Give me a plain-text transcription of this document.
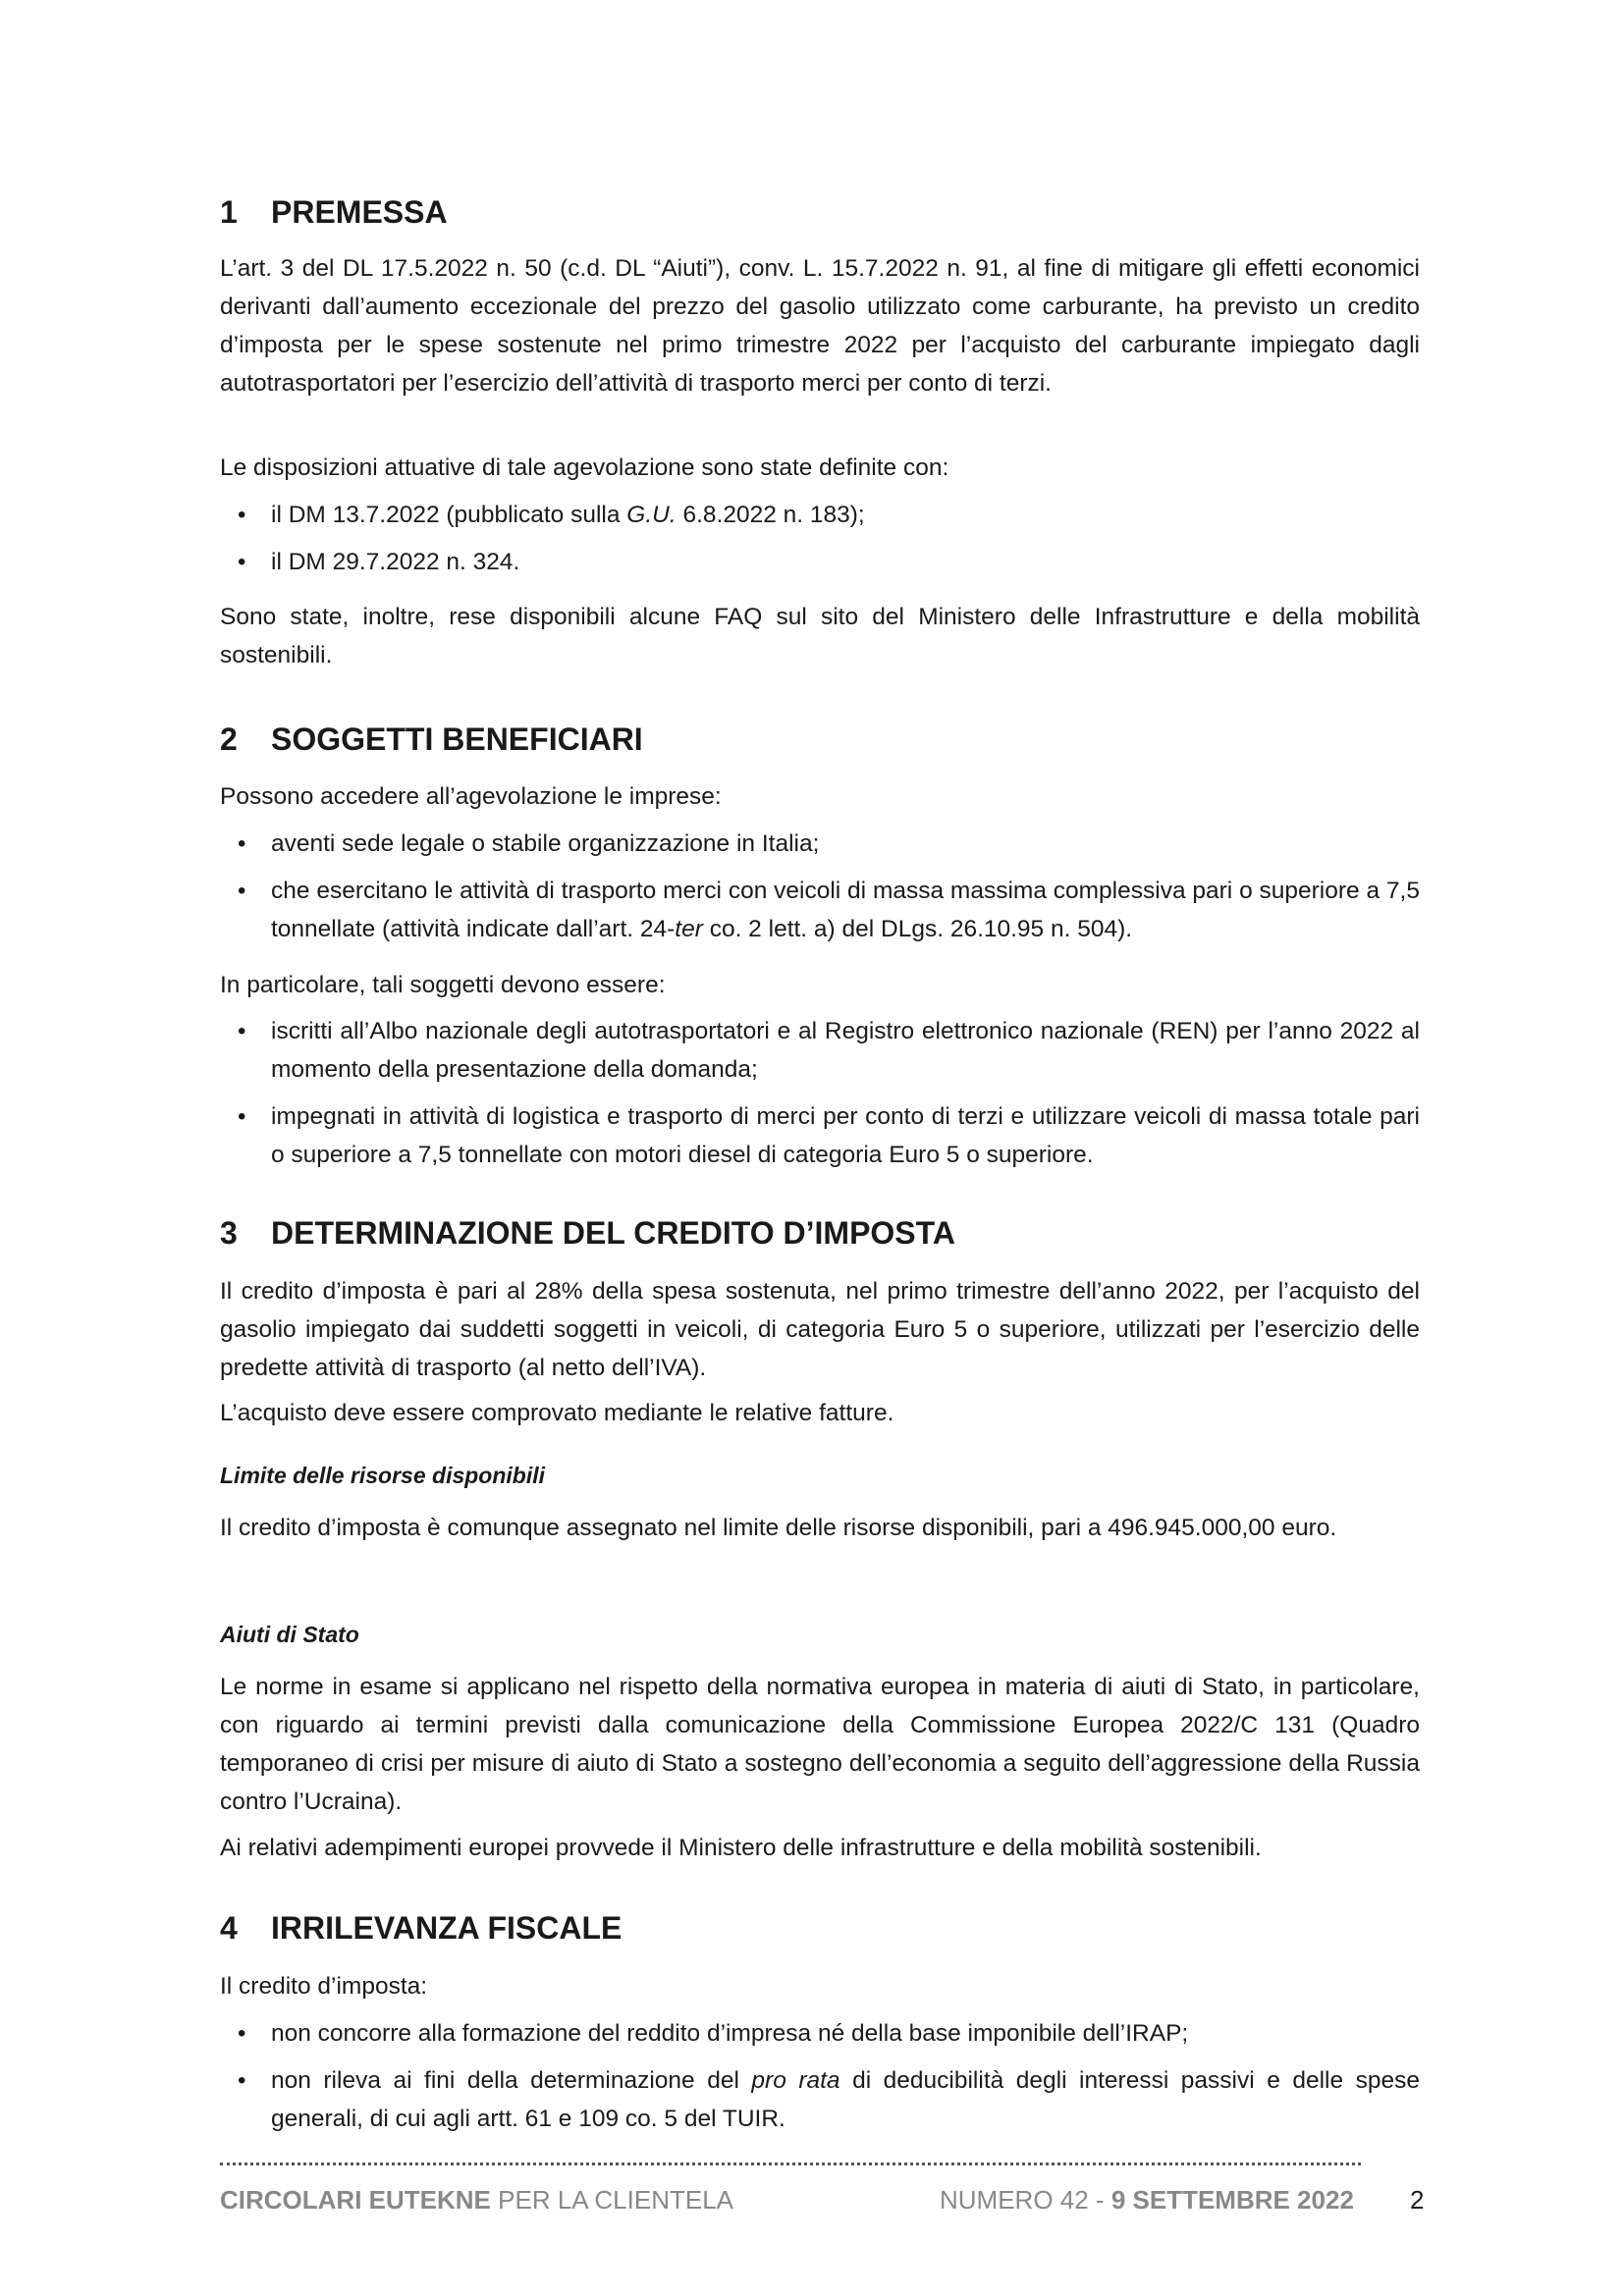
1 PREMESSA

L’art. 3 del DL 17.5.2022 n. 50 (c.d. DL “Aiuti”), conv. L. 15.7.2022 n. 91, al fine di mitigare gli effetti economici derivanti dall’aumento eccezionale del prezzo del gasolio utilizzato come carburante, ha previsto un credito d’imposta per le spese sostenute nel primo trimestre 2022 per l’acquisto del carburante impiegato dagli autotrasportatori per l’esercizio dell’attività di trasporto merci per conto di terzi.

Le disposizioni attuative di tale agevolazione sono state definite con:

• il DM 13.7.2022 (pubblicato sulla G.U. 6.8.2022 n. 183);
• il DM 29.7.2022 n. 324.

Sono state, inoltre, rese disponibili alcune FAQ sul sito del Ministero delle Infrastrutture e della mobilità sostenibili.

2 SOGGETTI BENEFICIARI

Possono accedere all’agevolazione le imprese:

• aventi sede legale o stabile organizzazione in Italia;
• che esercitano le attività di trasporto merci con veicoli di massa massima complessiva pari o superiore a 7,5 tonnellate (attività indicate dall’art. 24-ter co. 2 lett. a) del DLgs. 26.10.95 n. 504).

In particolare, tali soggetti devono essere:

• iscritti all’Albo nazionale degli autotrasportatori e al Registro elettronico nazionale (REN) per l’anno 2022 al momento della presentazione della domanda;
• impegnati in attività di logistica e trasporto di merci per conto di terzi e utilizzare veicoli di massa totale pari o superiore a 7,5 tonnellate con motori diesel di categoria Euro 5 o superiore.
3 DETERMINAZIONE DEL CREDITO D’IMPOSTA

Il credito d’imposta è pari al 28% della spesa sostenuta, nel primo trimestre dell’anno 2022, per l’acquisto del gasolio impiegato dai suddetti soggetti in veicoli, di categoria Euro 5 o superiore, utilizzati per l’esercizio delle predette attività di trasporto (al netto dell’IVA).

L’acquisto deve essere comprovato mediante le relative fatture.

Limite delle risorse disponibili

Il credito d’imposta è comunque assegnato nel limite delle risorse disponibili, pari a 496.945.000,00 euro.

Aiuti di Stato

Le norme in esame si applicano nel rispetto della normativa europea in materia di aiuti di Stato, in particolare, con riguardo ai termini previsti dalla comunicazione della Commissione Europea 2022/C 131 (Quadro temporaneo di crisi per misure di aiuto di Stato a sostegno dell’economia a seguito dell’aggressione della Russia contro l’Ucraina).

Ai relativi adempimenti europei provvede il Ministero delle infrastrutture e della mobilità sostenibili.

4 IRRILEVANZA FISCALE

Il credito d’imposta:

• non concorre alla formazione del reddito d’impresa né della base imponibile dell’IRAP;
• non rileva ai fini della determinazione del pro rata di deducibilità degli interessi passivi e delle spese generali, di cui agli artt. 61 e 109 co. 5 del TUIR.
CIRCOLARI EUTEKNE PER LA CLIENTELA	NUMERO 42 - 9 SETTEMBRE 2022 2
